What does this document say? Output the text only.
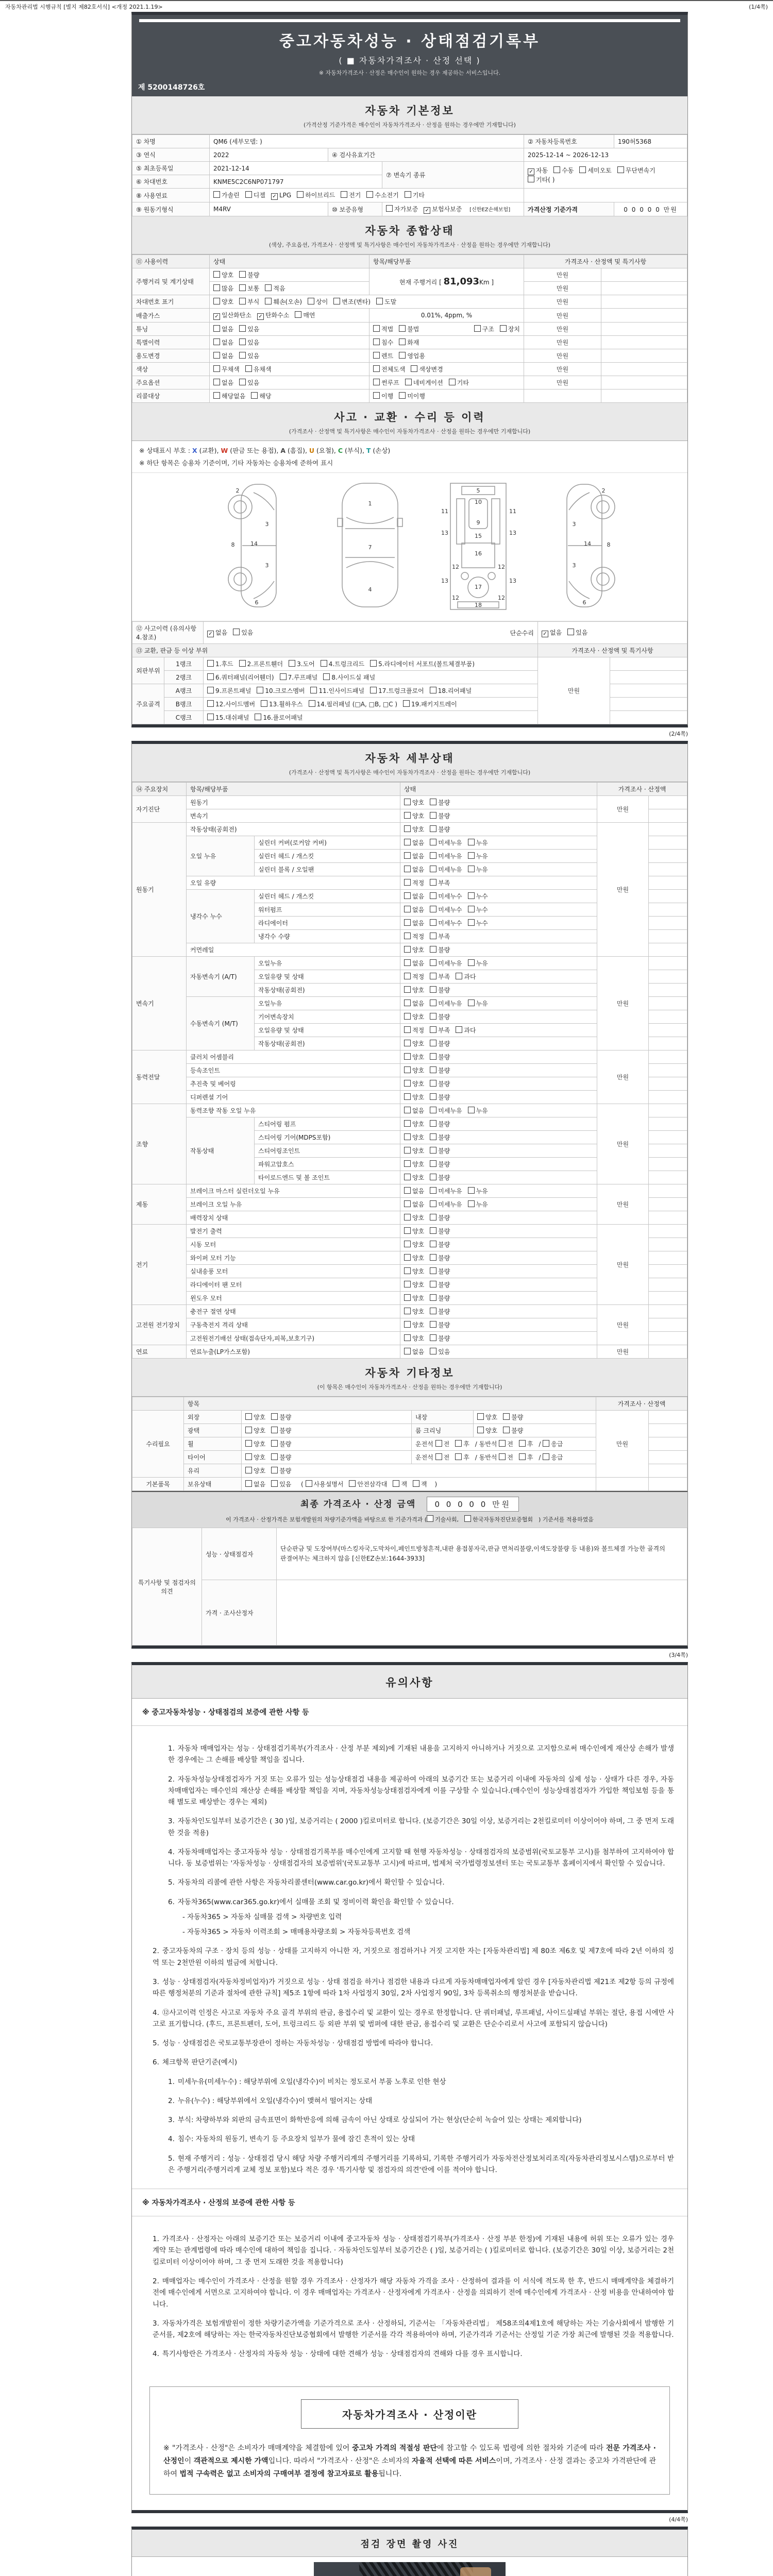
자동차관리법 시행규칙 [별지 제82호서식] <개정 2021.1.19>	(1/4쪽)
중고자동차성능 · 상태점검기록부
( ■ 자동차가격조사 · 산정 선택 )
※ 자동차가격조사 · 산정은 매수인이 원하는 경우 제공하는 서비스입니다.
제 5200148726호
자동차 기본정보
(가격산정 기준가격은 매수인이 자동차가격조사 · 산정을 원하는 경우에만 기재합니다)
① 차명	QM6 (세부모델: )			② 자동차등록번호	190허5368
③ 연식	2022	④ 검사유효기간		2025-12-14 ~ 2026-12-13	
⑤ 최초등록일	2021-12-14		⑦ 변속기 종류	✓ 자동 수동 세미오토 무단변속기기타( )	
⑥ 차대번호	KNME5C2C6NP071797				
⑧ 사용연료	가솔린 디젤 ✓ LPG 하이브리드 전기 수소전기 기타				
⑨ 원동기형식	M4RV	⑩ 보증유형	자가보증 ✓ 보험사보증 [신한EZ손해보험]	가격산정 기준가격	0 0 0 0 0 만원
자동차 종합상태
(색상, 주요옵션, 가격조사 · 산정액 및 특기사항은 매수인이 자동차가격조사 · 산정을 원하는 경우에만 기재합니다)
⑪ 사용이력	상태	항목/해당부품	가격조사 · 산정액 및 특기사항	
주행거리 및 계기상태	양호 불량	현재 주행거리 [ 81,093Km ]	만원	
	많음 보통 적음		만원	
차대번호 표기	양호 부식 훼손(오손) 상이 변조(변타) 도말		만원	
배출가스	✓ 일산화탄소 ✓ 탄화수소 매연	0.01%, 4ppm, %	만원	
튜닝	없음 있음	적법 불법 구조 장치	만원	
특별이력	없음 있음	침수 화재	만원	
용도변경	없음 있음	렌트 영업용	만원	
색상	무채색 유채색	전체도색 색상변경	만원	
주요옵션	없음 있음	썬루프 네비게이션 기타	만원	
리콜대상	해당없음 해당	이행 미이행		
사고 · 교환 · 수리 등 이력
(가격조사 · 산정액 및 특기사항은 매수인이 자동차가격조사 · 산정을 원하는 경우에만 기재합니다)
※ 상태표시 부호 : X (교환), W (판금 또는 용접), A (흠집), U (요철), C (부식), T (손상)
※ 하단 항목은 승용차 기준이며, 기타 자동차는 승용차에 준하여 표시
2
3
14
3
8
6
1
7
4
5
10
9
11	11
13	13
15
16
12	12
13	13
17
12	12
18
2
3
14
3
8
6
⑫ 사고이력 (유의사항 4.참조)		✓ 없음 있음 단순수리	✓ 없음 있음	
⑬ 교환, 판금 등 이상 부위			가격조사 · 산정액 및 특기사항	
외판부위	1랭크	1.후드 2.프론트휀더 3.도어 4.트렁크리드 5.라디에이터 서포트(볼트체결부품)	만원	
	2랭크	6.쿼터패널(리어휀더) 7.루프패널 8.사이드실 패널		
주요골격	A랭크	9.프론트패널 10.크로스멤버 11.인사이드패널 17.트렁크플로어 18.리어패널		
	B랭크	12.사이드멤버 13.휠하우스 14.필러패널 (□A, □B, □C ) 19.패키지트레이		
	C랭크	15.대쉬패널 16.플로어패널		
(2/4쪽)
자동차 세부상태
(가격조사 · 산정액 및 특기사항은 매수인이 자동차가격조사 · 산정을 원하는 경우에만 기재합니다)
⑭ 주요장치	항목/해당부품		상태	가격조사 · 산정액	
자기진단	원동기		양호 불량	만원	
	변속기		양호 불량		
원동기	작동상태(공회전)		양호 불량	만원	
	오일 누유	실린더 커버(로커암 커버)	없음 미세누유 누유		
		실린더 헤드 / 개스킷	없음 미세누유 누유		
		실린더 블록 / 오일팬	없음 미세누유 누유		
	오일 유량		적정 부족		
	냉각수 누수	실린더 헤드 / 개스킷	없음 미세누수 누수		
		워터펌프	없음 미세누수 누수		
		라디에이터	없음 미세누수 누수		
		냉각수 수량	적정 부족		
	커먼레일		양호 불량		
변속기	자동변속기 (A/T)	오일누유	없음 미세누유 누유	만원	
		오일유량 및 상태	적정 부족 과다		
		작동상태(공회전)	양호 불량		
	수동변속기 (M/T)	오일누유	없음 미세누유 누유		
		기어변속장치	양호 불량		
		오일유량 및 상태	적정 부족 과다		
		작동상태(공회전)	양호 불량		
동력전달	클러치 어셈블리		양호 불량	만원	
	등속조인트		양호 불량		
	추진축 및 베어링		양호 불량		
	디퍼렌셜 기어		양호 불량		
조향	동력조향 작동 오일 누유		없음 미세누유 누유	만원	
	작동상태	스티어링 펌프	양호 불량		
		스티어링 기어(MDPS포함)	양호 불량		
		스티어링조인트	양호 불량		
		파워고압호스	양호 불량		
		타이로드엔드 및 볼 조인트	양호 불량		
제동	브레이크 마스터 실린더오일 누유		없음 미세누유 누유	만원	
	브레이크 오일 누유		없음 미세누유 누유		
	배력장치 상태		양호 불량		
전기	발전기 출력		양호 불량	만원	
	시동 모터		양호 불량		
	와이퍼 모터 기능		양호 불량		
	실내송풍 모터		양호 불량		
	라디에이터 팬 모터		양호 불량		
	윈도우 모터		양호 불량		
고전원 전기장치	충전구 절연 상태		양호 불량	만원	
	구동축전지 격리 상태		양호 불량		
	고전원전기배선 상태(접속단자,피복,보호기구)		양호 불량		
연료	연료누출(LP가스포함)		없음 있음	만원	
자동차 기타정보
(이 항목은 매수인이 자동차가격조사 · 산정을 원하는 경우에만 기재합니다)
	항목				가격조사 · 산정액	
수리필요	외장	양호 불량	내장	양호 불량	만원	
	광택	양호 불량	룸 크리닝	양호 불량		
	휠	양호 불량	운전석 전 후 / 동반석 전 후 / 응급			
	타이어	양호 불량	운전석 전 후 / 동반석 전 후 / 응급			
	유리	양호 불량				
기본품목	보유상태	없음 있음  ( 사용설명서 안전삼각대 잭 잭 )				
최종 가격조사 · 산정 금액 0 0 0 0 0 만원
이 가격조사 · 산정가격은 보험개발원의 차량기준가액을 바탕으로 한 기준가격과 ( 기술사회, 한국자동차진단보증협회 ) 기준서를 적용하였음
특기사항 및 점검자의 의견	성능 · 상태점검자	단순판금 및 도장여부(마스킹자국,도막차이,페인트방청흔적,내판 용접봉자국,판금 면처리불량,이색도장불량 등 내용)와 볼트체결 가능한 골격의 판결여부는 체크하지 않음 [신한EZ손보:1644-3933]
	가격 · 조사산정자	
(3/4쪽)
유의사항
※ 중고자동차성능 · 상태점검의 보증에 관한 사항 등

1. 자동차 매매업자는 성능 · 상태점검기록부(가격조사 · 산정 부분 제외)에 기재된 내용을 고지하지 아니하거나 거짓으로 고지함으로써 매수인에게 재산상 손해가 발생한 경우에는 그 손해를 배상할 책임을 집니다.

2. 자동차성능상태점검자가 거짓 또는 오류가 있는 성능상태점검 내용을 제공하여 아래의 보증기간 또는 보증거리 이내에 자동차의 실제 성능 · 상태가 다른 경우, 자동차매매업자는 매수인의 재산상 손해를 배상할 책임을 지며, 자동차성능상태점검자에게 이를 구상할 수 있습니다.(매수인이 성능상태점검자가 가입한 책임보험 등을 통해 별도로 배상받는 경우는 제외)

3. 자동차인도일부터 보증기간은 ( 30 )일, 보증거리는 ( 2000 )킬로미터로 합니다. (보증기간은 30일 이상, 보증거리는 2천킬로미터 이상이어야 하며, 그 중 먼저 도래한 것을 적용)

4. 자동차매매업자는 중고자동차 성능 · 상태점검기록부를 매수인에게 고지할 때 현행 자동차성능 · 상태점검자의 보증범위(국토교통부 고시)를 첨부하여 고지하여야 합니다. 동 보증범위는 '자동차성능 · 상태점검자의 보증범위'(국토교통부 고시)에 따르며, 법제처 국가법령정보센터 또는 국토교통부 홈페이지에서 확인할 수 있습니다.

5. 자동차의 리콜에 관한 사항은 자동차리콜센터(www.car.go.kr)에서 확인할 수 있습니다.

6. 자동차365(www.car365.go.kr)에서 실매물 조회 및 정비이력 확인을 확인할 수 있습니다.

- 자동차365 > 자동차 실매물 검색 > 차량번호 입력

- 자동차365 > 자동차 이력조회 > 매매용차량조회 > 자동차등록번호 검색

2. 중고자동차의 구조 · 장치 등의 성능 · 상태를 고지하지 아니한 자, 거짓으로 점검하거나 거짓 고지한 자는 [자동차관리법] 제 80조 제6호 및 제7호에 따라 2년 이하의 징역 또는 2천만원 이하의 벌금에 처합니다.

3. 성능 · 상태점검자(자동차정비업자)가 거짓으로 성능 · 상태 점검을 하거나 점검한 내용과 다르게 자동차매매업자에게 알린 경우 [자동차관리법 제21조 제2항 등의 규정에 따른 행정처분의 기준과 절차에 관한 규칙] 제5조 1항에 따라 1차 사업정지 30일, 2차 사업정지 90일, 3차 등록취소의 행정처분을 받습니다.

4. ⑫사고이력 인정은 사고로 자동차 주요 골격 부위의 판금, 용접수리 및 교환이 있는 경우로 한정합니다. 단 쿼터패널, 루프패널, 사이드실패널 부위는 절단, 용접 시에만 사고로 표기합니다. (후드, 프론트펜더, 도어, 트렁크리드 등 외판 부위 및 범퍼에 대한 판금, 용접수리 및 교환은 단순수리로서 사고에 포함되지 않습니다)

5. 성능 · 상태점검은 국토교통부장관이 정하는 자동차성능 · 상태점검 방법에 따라야 합니다.

6. 체크항목 판단기준(예시)

1. 미세누유(미세누수) : 해당부위에 오일(냉각수)이 비치는 정도로서 부품 노후로 인한 현상

2. 누유(누수) : 해당부위에서 오일(냉각수)이 맺혀서 떨어지는 상태

3. 부식: 차량하부와 외판의 금속표면이 화학반응에 의해 금속이 아닌 상태로 상실되어 가는 현상(단순히 녹슬어 있는 상태는 제외합니다)

4. 침수: 자동차의 원동기, 변속기 등 주요장치 일부가 물에 잠긴 흔적이 있는 상태

5. 현재 주행거리 : 성능 · 상태점검 당시 해당 차량 주행거리계의 주행거리를 기록하되, 기록한 주행거리가 자동차전산정보처리조직(자동차관리정보시스템)으로부터 받은 주행거리(주행거리계 교체 정보 포함)보다 적은 경우 '특기사항 및 점검자의 의견'란에 이를 적어야 합니다.

※ 자동차가격조사 · 산정의 보증에 관한 사항 등

1. 가격조사 · 산정자는 아래의 보증기간 또는 보증거리 이내에 중고자동차 성능 · 상태점검기록부(가격조사 · 산정 부분 한정)에 기재된 내용에 허위 또는 오류가 있는 경우 계약 또는 관계법령에 따라 매수인에 대하여 책임을 집니다. · 자동차인도일부터 보증기간은 ( )일, 보증거리는 ( )킬로미터로 합니다. (보증기간은 30일 이상, 보증거리는 2천킬로미터 이상이어야 하며, 그 중 먼저 도래한 것을 적용합니다)

2. 매매업자는 매수인이 가격조사 · 산정을 원할 경우 가격조사 · 산정자가 해당 자동차 가격을 조사 · 산정하여 결과를 이 서식에 적도록 한 후, 반드시 매매계약을 체결하기 전에 매수인에게 서면으로 고지하여야 합니다. 이 경우 매매업자는 가격조사 · 산정자에게 가격조사 · 산정을 의뢰하기 전에 매수인에게 가격조사 · 산정 비용을 안내하여야 합니다.

3. 자동차가격은 보험개발원이 정한 차량기준가액을 기준가격으로 조사 · 산정하되, 기준서는 「자동차관리법」 제58조의4제1호에 해당하는 자는 기술사회에서 발행한 기준서를, 제2호에 해당하는 자는 한국자동차진단보증협회에서 발행한 기준서를 각각 적용하여야 하며, 기준가격과 기준서는 산정일 기준 가장 최근에 발행된 것을 적용합니다.

4. 특기사항란은 가격조사 · 산정자의 자동차 성능 · 상태에 대한 견해가 성능 · 상태점검자의 견해와 다를 경우 표시합니다.

자동차가격조사 · 산정이란
※ "가격조사 · 산정"은 소비자가 매매계약을 체결함에 있어 중고차 가격의 적절성 판단에 참고할 수 있도록 법령에 의한 절차와 기준에 따라 전문 가격조사 · 산정인이 객관적으로 제시한 가액입니다. 따라서 "가격조사 · 산정"은 소비자의 자율적 선택에 따른 서비스이며, 가격조사 · 산정 결과는 중고차 가격판단에 관하여 법적 구속력은 없고 소비자의 구매여부 결정에 참고자료로 활용됩니다.
(4/4쪽)
점검 장면 촬영 사진
